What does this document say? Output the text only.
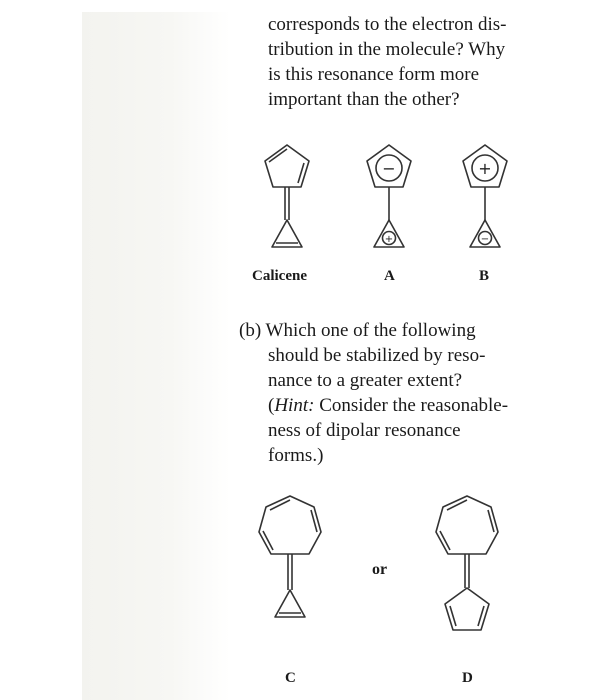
corresponds to the electron dis-
tribution in the molecule? Why
is this resonance form more
important than the other?
−
+
+
−
Calicene	A	B
(b) Which one of the following
should be stabilized by reso-
nance to a greater extent?
(Hint: Consider the reasonable-
ness of dipolar resonance
forms.)
or
C	D
